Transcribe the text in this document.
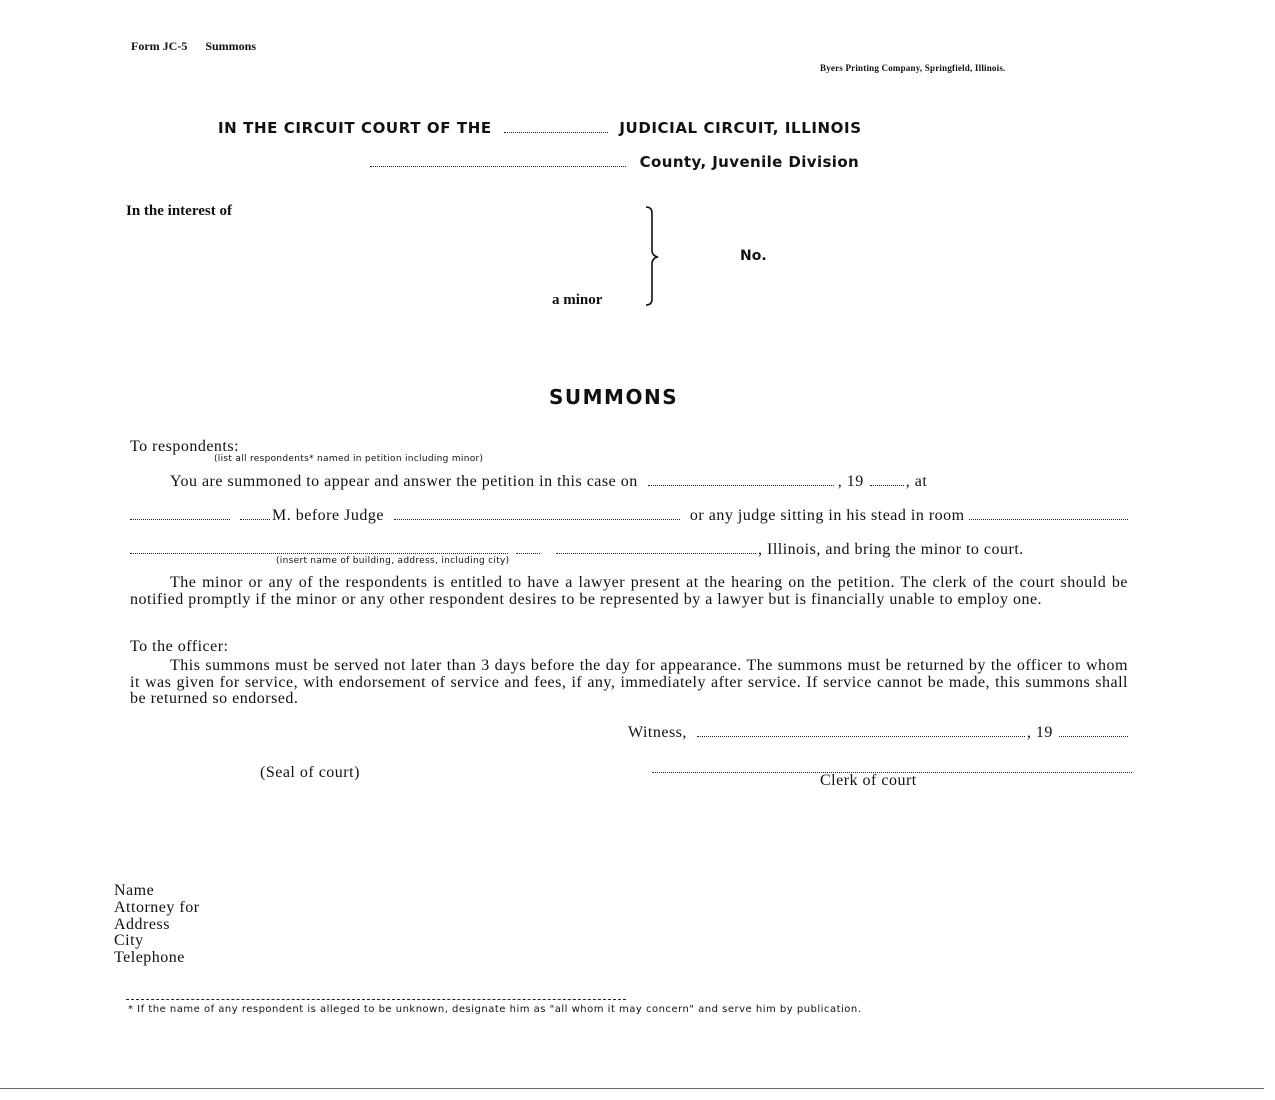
Form JC-5 Summons
Byers Printing Company, Springfield, Illinois.
IN THE CIRCUIT COURT OF THE	JUDICIAL CIRCUIT, ILLINOIS
County, Juvenile Division
In the interest of
a minor
No.
SUMMONS
To respondents:
(list all respondents* named in petition including minor)
You are summoned to appear and answer the petition in this case on	, 19	, at
M. before Judge	or any judge sitting in his stead in room
, Illinois, and bring the minor to court.
(insert name of building, address, including city)
The minor or any of the respondents is entitled to have a lawyer present at the hearing on the petition. The clerk of the court should be notified promptly if the minor or any other respondent desires to be represented by a lawyer but is financially unable to employ one.
To the officer:
This summons must be served not later than 3 days before the day for appearance. The summons must be returned by the officer to whom it was given for service, with endorsement of service and fees, if any, immediately after service. If service cannot be made, this summons shall be returned so endorsed.
Witness,	, 19
(Seal of court)	Clerk of court
Name
Attorney for
Address
City
Telephone
* If the name of any respondent is alleged to be unknown, designate him as "all whom it may concern" and serve him by publication.
